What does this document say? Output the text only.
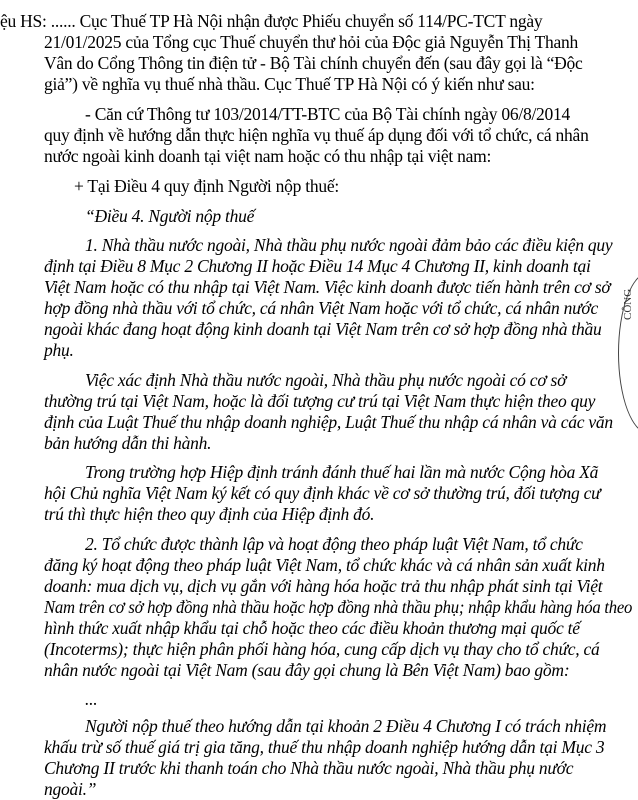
ệu HS: ...... Cục Thuế TP Hà Nội nhận được Phiếu chuyển số 114/PC-TCT ngày
21/01/2025 của Tổng cục Thuế chuyển thư hỏi của Độc giả Nguyễn Thị Thanh
Vân do Cổng Thông tin điện tử - Bộ Tài chính chuyển đến (sau đây gọi là “Độc
giả”) về nghĩa vụ thuế nhà thầu. Cục Thuế TP Hà Nội có ý kiến như sau:
- Căn cứ Thông tư 103/2014/TT-BTC của Bộ Tài chính ngày 06/8/2014
quy định về hướng dẫn thực hiện nghĩa vụ thuế áp dụng đối với tổ chức, cá nhân
nước ngoài kinh doanh tại việt nam hoặc có thu nhập tại việt nam:
+ Tại Điều 4 quy định Người nộp thuế:
“Điều 4. Người nộp thuế
1. Nhà thầu nước ngoài, Nhà thầu phụ nước ngoài đảm bảo các điều kiện quy
định tại Điều 8 Mục 2 Chương II hoặc Điều 14 Mục 4 Chương II, kinh doanh tại
Việt Nam hoặc có thu nhập tại Việt Nam. Việc kinh doanh được tiến hành trên cơ sở
hợp đồng nhà thầu với tổ chức, cá nhân Việt Nam hoặc với tổ chức, cá nhân nước
ngoài khác đang hoạt động kinh doanh tại Việt Nam trên cơ sở hợp đồng nhà thầu
phụ.
Việc xác định Nhà thầu nước ngoài, Nhà thầu phụ nước ngoài có cơ sở
thường trú tại Việt Nam, hoặc là đối tượng cư trú tại Việt Nam thực hiện theo quy
định của Luật Thuế thu nhập doanh nghiệp, Luật Thuế thu nhập cá nhân và các văn
bản hướng dẫn thi hành.
Trong trường hợp Hiệp định tránh đánh thuế hai lần mà nước Cộng hòa Xã
hội Chủ nghĩa Việt Nam ký kết có quy định khác về cơ sở thường trú, đối tượng cư
trú thì thực hiện theo quy định của Hiệp định đó.
2. Tổ chức được thành lập và hoạt động theo pháp luật Việt Nam, tổ chức
đăng ký hoạt động theo pháp luật Việt Nam, tổ chức khác và cá nhân sản xuất kinh
doanh: mua dịch vụ, dịch vụ gắn với hàng hóa hoặc trả thu nhập phát sinh tại Việt
Nam trên cơ sở hợp đồng nhà thầu hoặc hợp đồng nhà thầu phụ; nhập khẩu hàng hóa theo
hình thức xuất nhập khẩu tại chỗ hoặc theo các điều khoản thương mại quốc tế
(Incoterms); thực hiện phân phối hàng hóa, cung cấp dịch vụ thay cho tổ chức, cá
nhân nước ngoài tại Việt Nam (sau đây gọi chung là Bên Việt Nam) bao gồm:
...
Người nộp thuế theo hướng dẫn tại khoản 2 Điều 4 Chương I có trách nhiệm
khấu trừ số thuế giá trị gia tăng, thuế thu nhập doanh nghiệp hướng dẫn tại Mục 3
Chương II trước khi thanh toán cho Nhà thầu nước ngoài, Nhà thầu phụ nước
ngoài.”
CÔNG
